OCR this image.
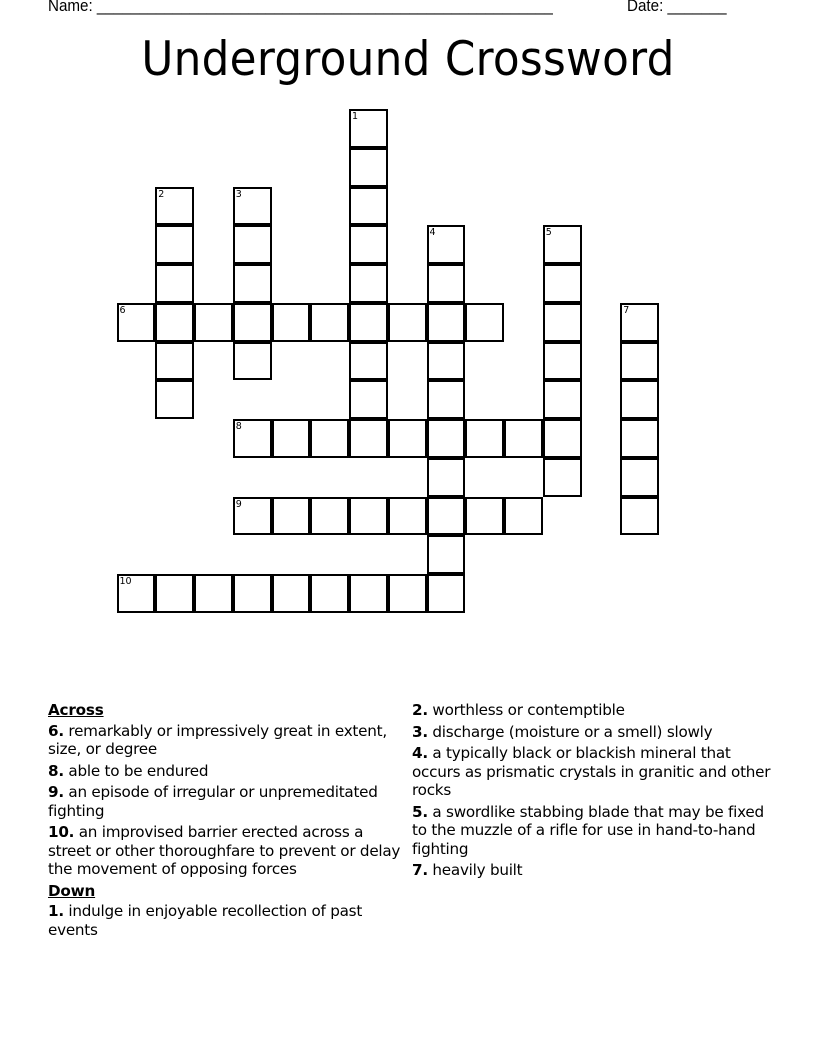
Name: ______________________________________________________	Date: _______
Underground Crossword
1
2	3
4	5
6	7
8
9
10
Across
6. remarkably or impressively great in extent, size, or degree
8. able to be endured
9. an episode of irregular or unpremeditated fighting
10. an improvised barrier erected across a street or other thoroughfare to prevent or delay the movement of opposing forces
Down
1. indulge in enjoyable recollection of past events
2. worthless or contemptible
3. discharge (moisture or a smell) slowly
4. a typically black or blackish mineral that occurs as prismatic crystals in granitic and other rocks
5. a swordlike stabbing blade that may be fixed to the muzzle of a rifle for use in hand-to-hand fighting
7. heavily built
